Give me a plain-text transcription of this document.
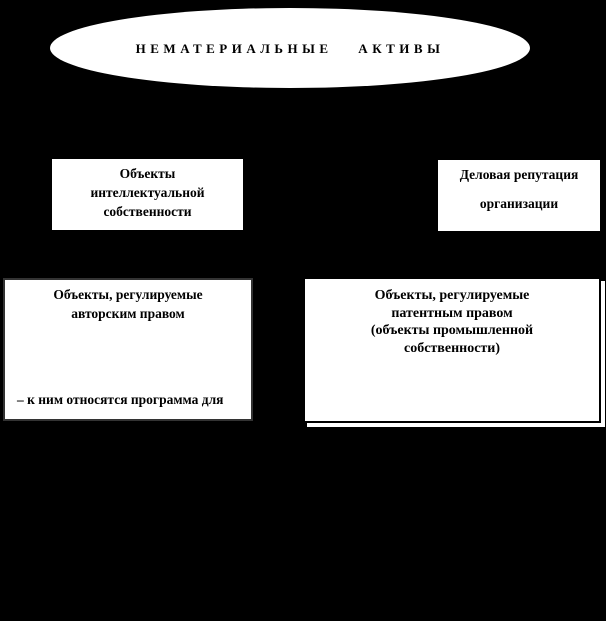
НЕМАТЕРИАЛЬНЫЕ АКТИВЫ
Объекты
интеллектуальной
собственности
Деловая репутация
организации
Объекты, регулируемые
авторским правом

– к ним относятся программа для

ЭВМ,  произведения, науки,

литературы, искусства, др.

Объекты, регулируемые
патентным правом
(объекты промышленной
собственности)

– это изобретение, полезная модель,

товарный знак и знак обслуживания, др.
